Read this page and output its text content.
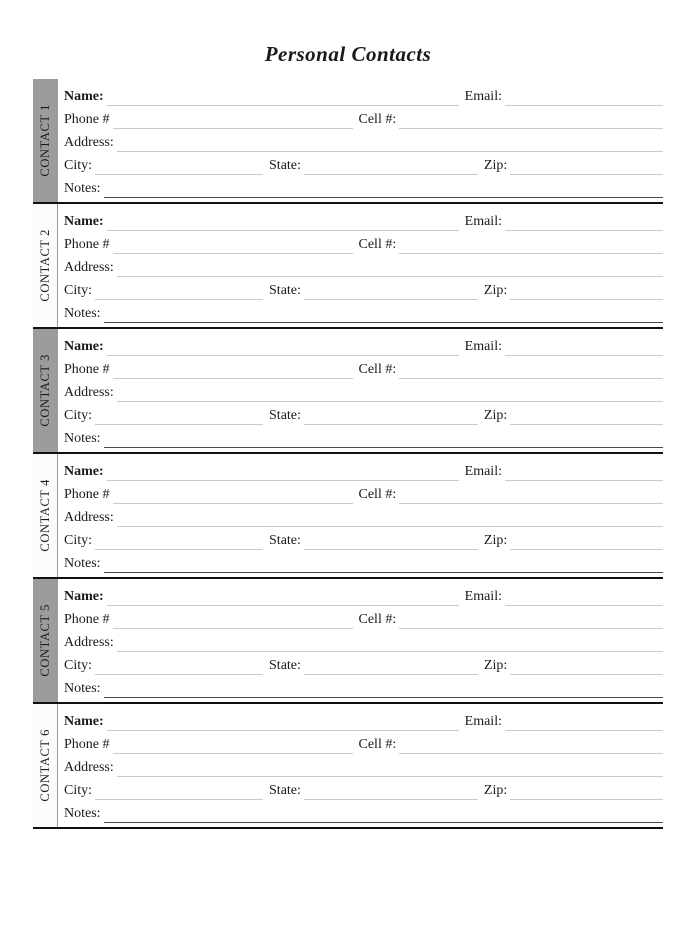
Personal Contacts
CONTACT 1
Name:	Email:
Phone #	Cell #:
Address:
City:	State:	Zip:
Notes:
CONTACT 2
Name:	Email:
Phone #	Cell #:
Address:
City:	State:	Zip:
Notes:
CONTACT 3
Name:	Email:
Phone #	Cell #:
Address:
City:	State:	Zip:
Notes:
CONTACT 4
Name:	Email:
Phone #	Cell #:
Address:
City:	State:	Zip:
Notes:
CONTACT 5
Name:	Email:
Phone #	Cell #:
Address:
City:	State:	Zip:
Notes:
CONTACT 6
Name:	Email:
Phone #	Cell #:
Address:
City:	State:	Zip:
Notes:
